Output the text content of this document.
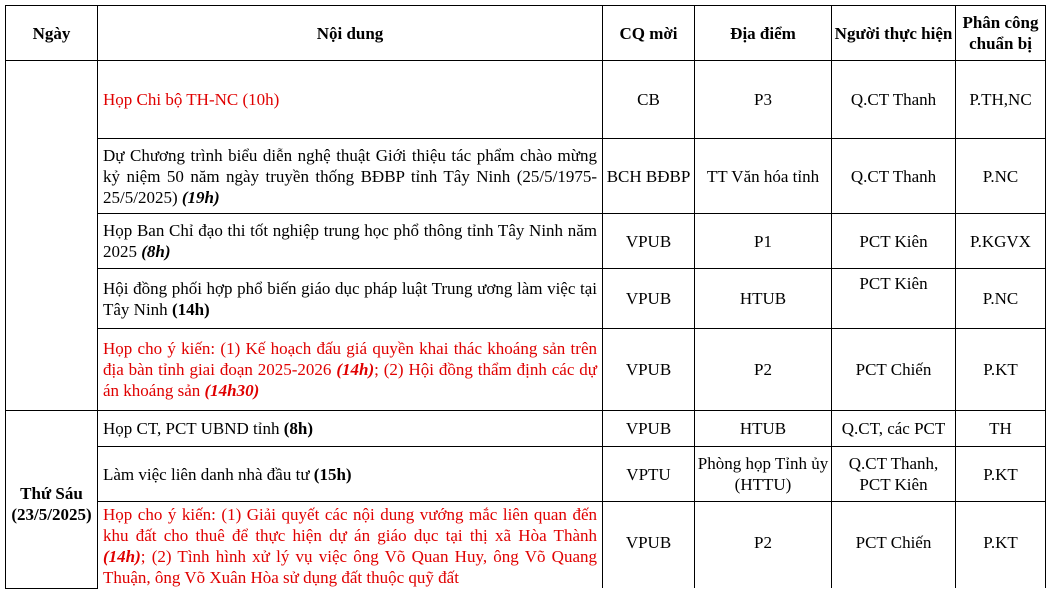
Ngày	Nội dung	CQ mời	Địa điểm	Người thực hiện	Phân công chuẩn bị
	Họp Chi bộ TH-NC (10h)	CB	P3	Q.CT Thanh	P.TH,NC
	Dự Chương trình biểu diễn nghệ thuật Giới thiệu tác phẩm chào mừng kỷ niệm 50 năm ngày truyền thống BĐBP tỉnh Tây Ninh (25/5/1975-25/5/2025) (19h)	BCH BĐBP	TT Văn hóa tỉnh	Q.CT Thanh	P.NC
	Họp Ban Chỉ đạo thi tốt nghiệp trung học phổ thông tỉnh Tây Ninh năm 2025 (8h)	VPUB	P1	PCT Kiên	P.KGVX
	Hội đồng phối hợp phổ biến giáo dục pháp luật Trung ương làm việc tại Tây Ninh (14h)	VPUB	HTUB	PCT Kiên	P.NC
	Họp cho ý kiến: (1) Kế hoạch đấu giá quyền khai thác khoáng sản trên địa bàn tỉnh giai đoạn 2025-2026 (14h); (2) Hội đồng thẩm định các dự án khoáng sản (14h30)	VPUB	P2	PCT Chiến	P.KT
Thứ Sáu
(23/5/2025)	Họp CT, PCT UBND tỉnh (8h)	VPUB	HTUB	Q.CT, các PCT	TH
	Làm việc liên danh nhà đầu tư (15h)	VPTU	Phòng họp Tỉnh ủy (HTTU)	Q.CT Thanh, PCT Kiên	P.KT

	Họp cho ý kiến: (1) Giải quyết các nội dung vướng mắc liên quan đến khu đất cho thuê để thực hiện dự án giáo dục tại thị xã Hòa Thành (14h); (2) Tình hình xử lý vụ việc ông Võ Quan Huy, ông Võ Quang Thuận, ông Võ Xuân Hòa sử dụng đất thuộc quỹ đất	VPUB	P2	PCT Chiến	P.KT
